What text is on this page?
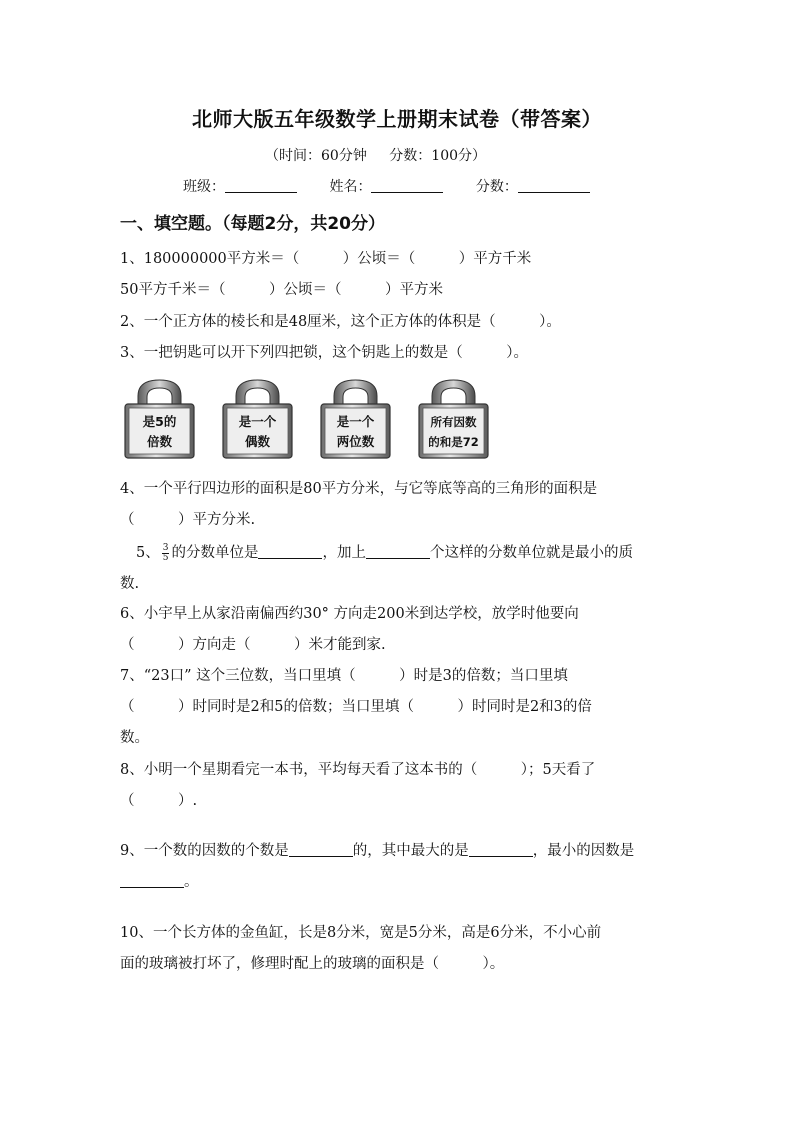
北师大版五年级数学上册期末试卷（带答案）
（时间：60分钟 分数：100分）
班级：	姓名：	分数：
一、填空题。（每题2分，共20分）
1、180000000平方米＝（　　　）公顷＝（　　　）平方千米
50平方千米＝（　　　）公顷＝（　　　）平方米
2、一个正方体的棱长和是48厘米，这个正方体的体积是（　　　）。
3、一把钥匙可以开下列四把锁，这个钥匙上的数是（　　　）。
是5的
倍数
是一个
偶数
是一个
两位数
所有因数
的和是72
4、一个平行四边形的面积是80平方分米，与它等底等高的三角形的面积是
（　　　）平方分米.
5、 $\frac{3}{5}$ 的分数单位是	，加上	个这样的分数单位就是最小的质
数.
6、小宇早上从家沿南偏西约30° 方向走200米到达学校，放学时他要向
（　　　）方向走（　　　）米才能到家.
7、“23口” 这个三位数，当口里填（　　　）时是3的倍数；当口里填
（　　　）时同时是2和5的倍数；当口里填（　　　）时同时是2和3的倍
数。
8、小明一个星期看完一本书，平均每天看了这本书的（　　　）；5天看了
（　　　）.
9、一个数的因数的个数是	的，其中最大的是	，最小的因数是
。
10、一个长方体的金鱼缸，长是8分米，宽是5分米，高是6分米，不小心前
面的玻璃被打坏了，修理时配上的玻璃的面积是（　　　）。
